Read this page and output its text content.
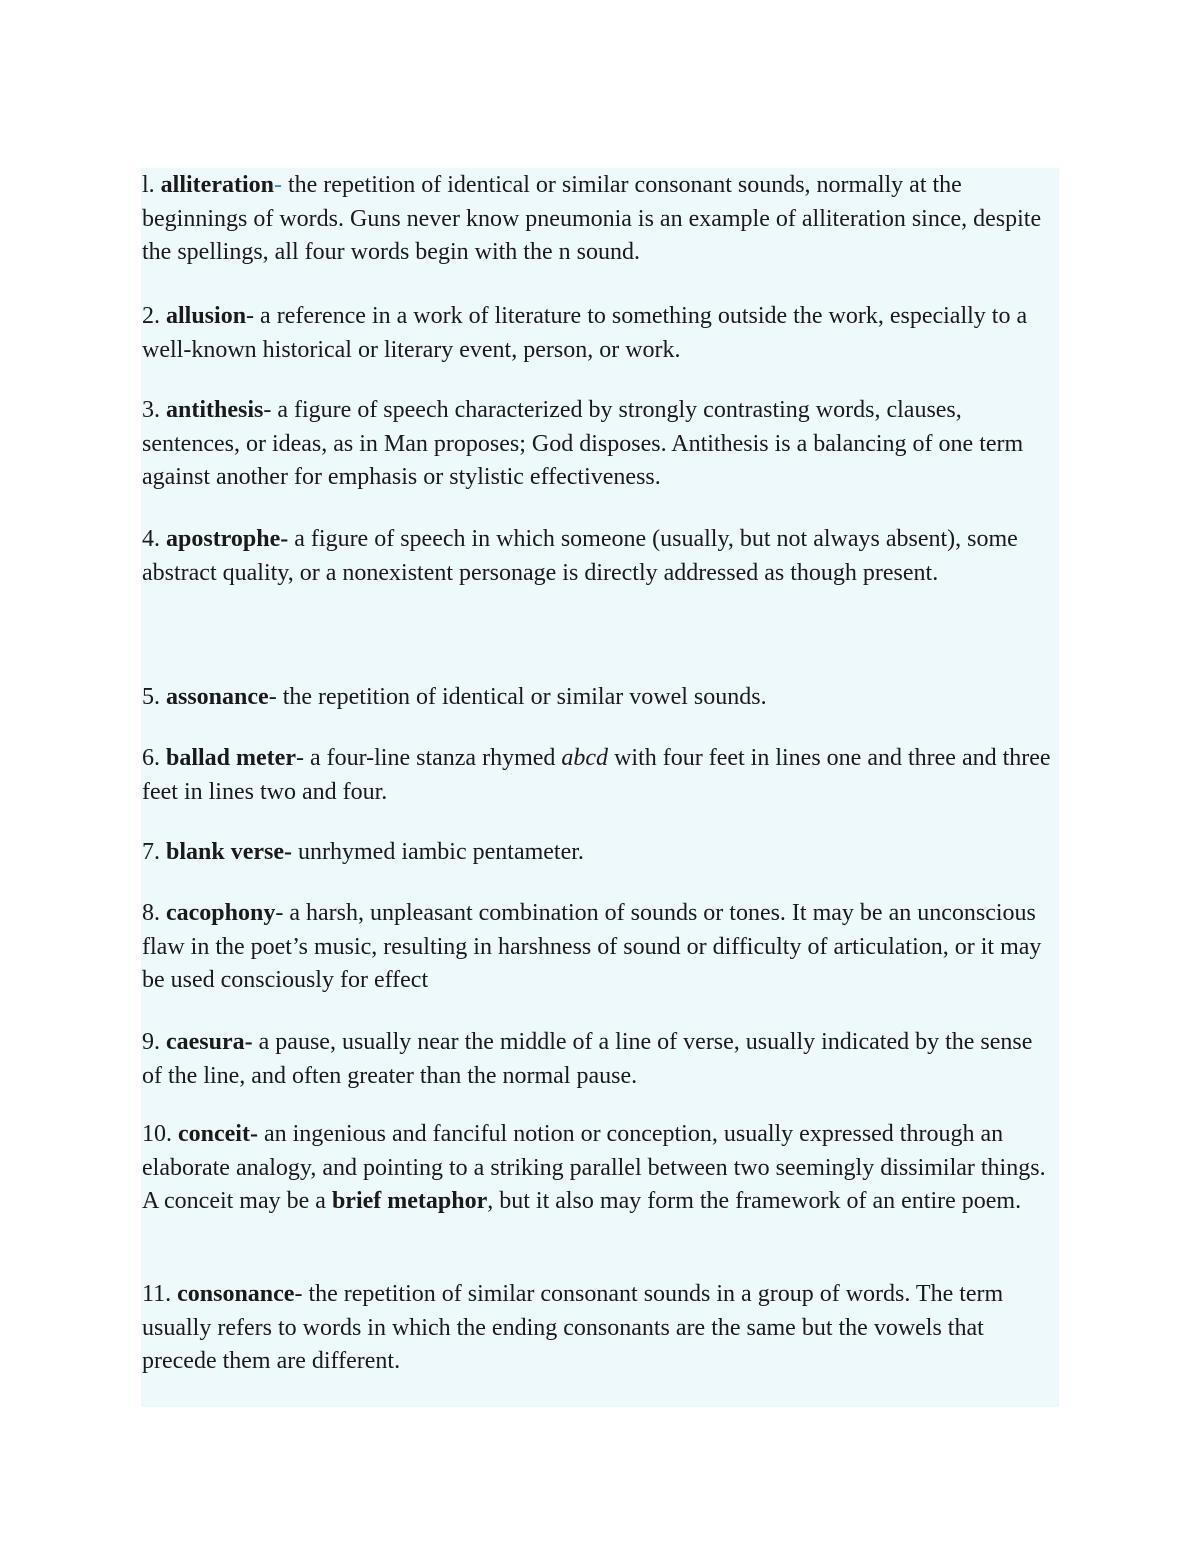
l. alliteration- the repetition of identical or similar consonant sounds, normally at the beginnings of words. Guns never know pneumonia is an example of alliteration since, despite the spellings, all four words begin with the n sound.

2. allusion- a reference in a work of literature to something outside the work, especially to a well-known historical or literary event, person, or work.

3. antithesis- a figure of speech characterized by strongly contrasting words, clauses, sentences, or ideas, as in Man proposes; God disposes. Antithesis is a balancing of one term against another for emphasis or stylistic effectiveness.

4. apostrophe- a figure of speech in which someone (usually, but not always absent), some abstract quality, or a nonexistent personage is directly addressed as though present.

5. assonance- the repetition of identical or similar vowel sounds.

6. ballad meter- a four-line stanza rhymed abcd with four feet in lines one and three and three feet in lines two and four.

7. blank verse- unrhymed iambic pentameter.

8. cacophony- a harsh, unpleasant combination of sounds or tones. It may be an unconscious flaw in the poet’s music, resulting in harshness of sound or difficulty of articulation, or it may be used consciously for effect

9. caesura- a pause, usually near the middle of a line of verse, usually indicated by the sense of the line, and often greater than the normal pause.

10. conceit- an ingenious and fanciful notion or conception, usually expressed through an elaborate analogy, and pointing to a striking parallel between two seemingly dissimilar things. A conceit may be a brief metaphor, but it also may form the framework of an entire poem.

11. consonance- the repetition of similar consonant sounds in a group of words. The term usually refers to words in which the ending consonants are the same but the vowels that precede them are different.
